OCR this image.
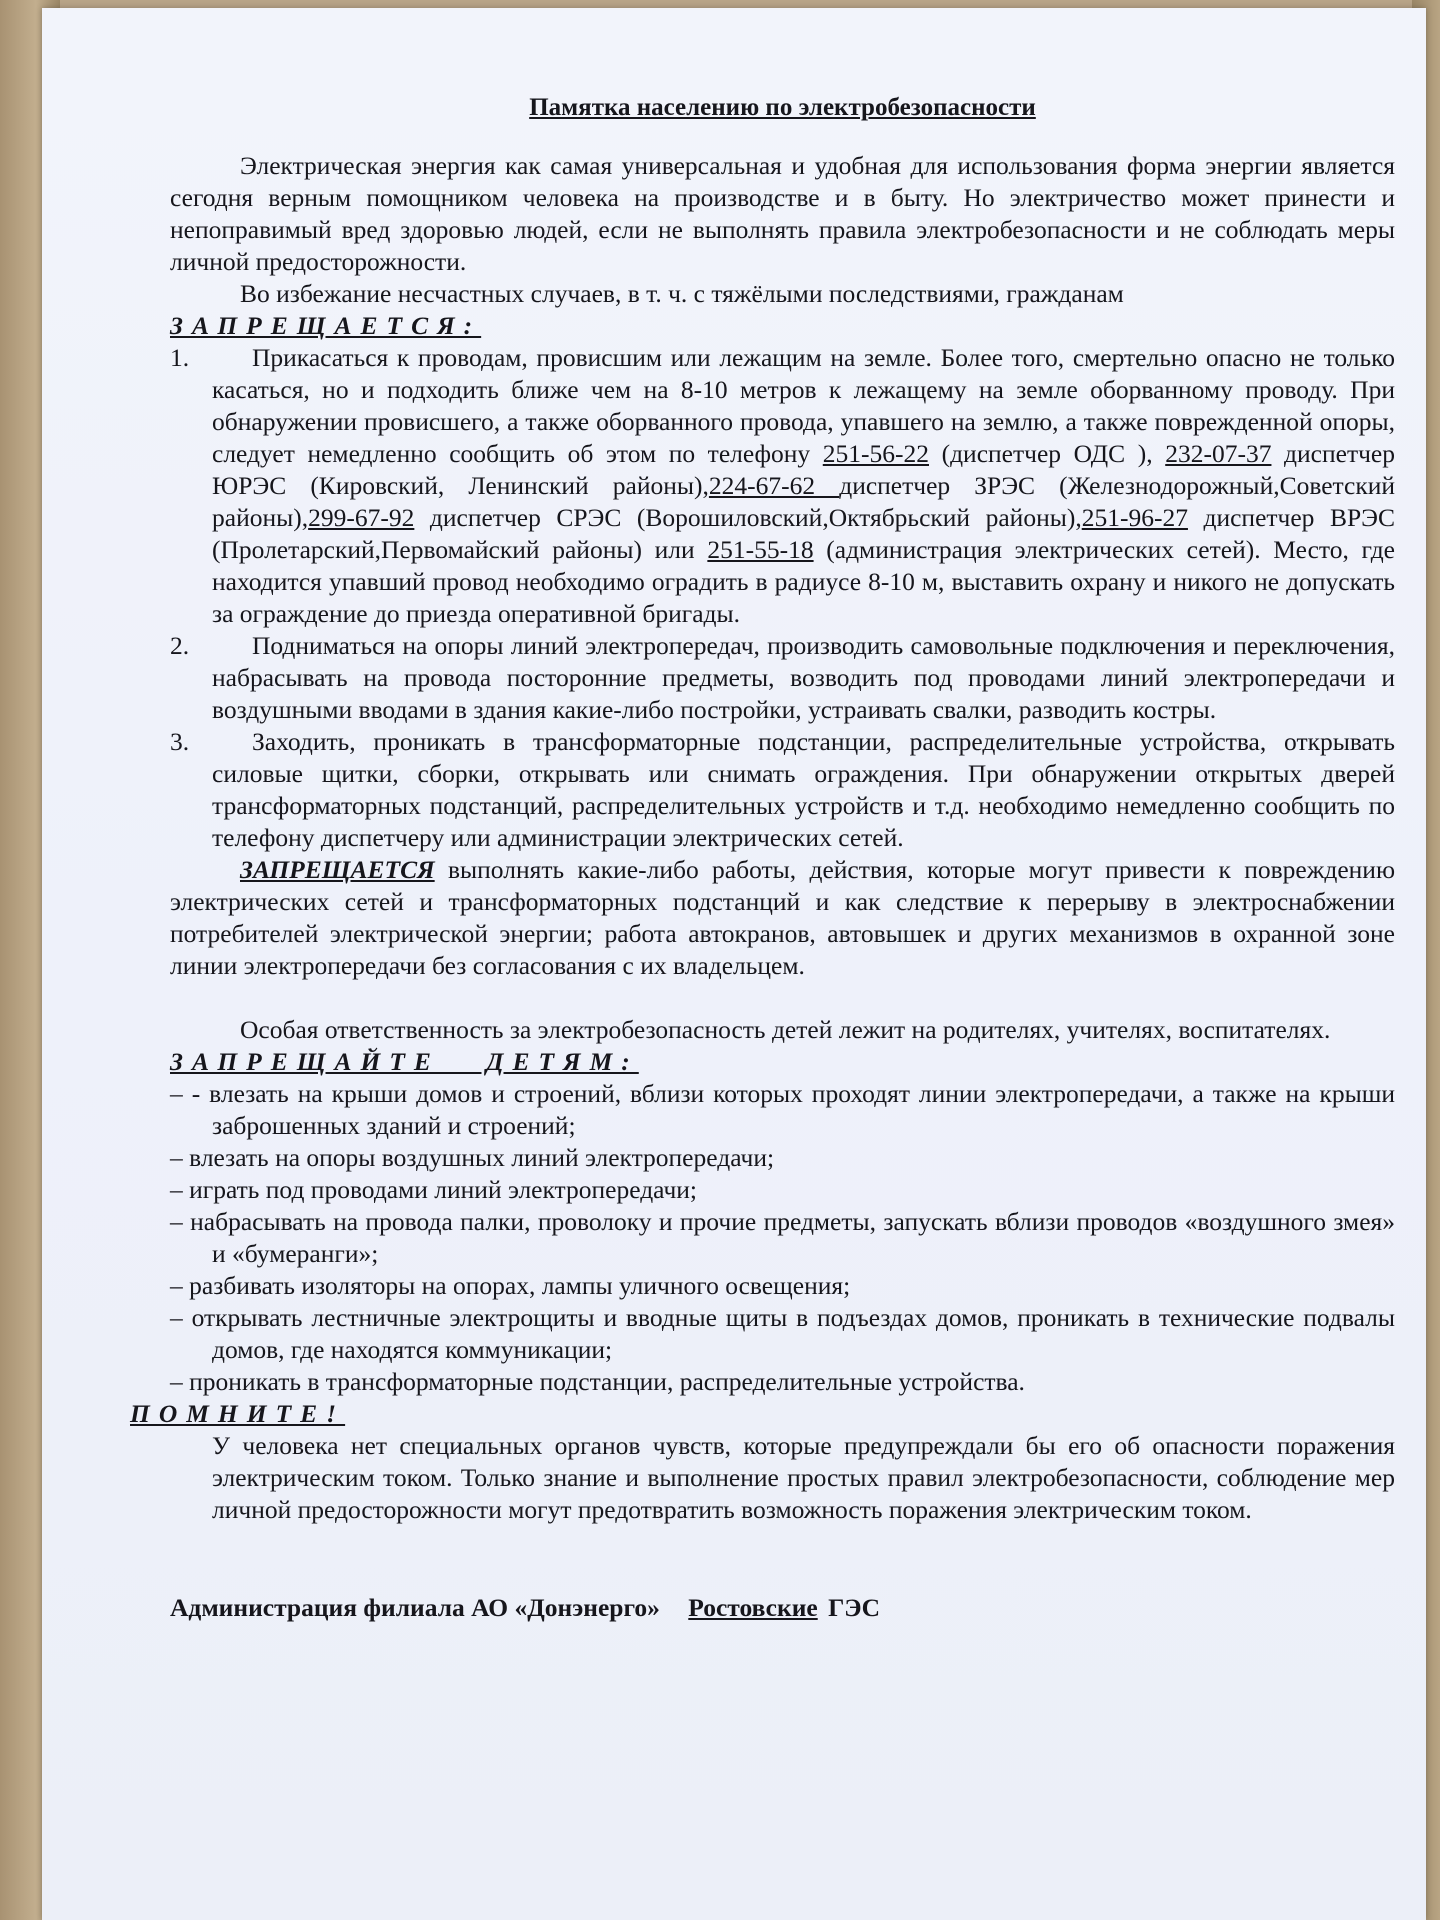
Памятка населению по электробезопасности

Электрическая энергия как самая универсальная и удобная для использования форма энергии является сегодня верным помощником человека на производстве и в быту. Но электричество может принести и непоправимый вред здоровью людей, если не выполнять правила электробезопасности и не соблюдать меры личной предосторожности.

Во избежание несчастных случаев, в т. ч. с тяжёлыми последствиями, гражданам

ЗАПРЕЩАЕТСЯ:
1.	Прикасаться к проводам, провисшим или лежащим на земле. Более того, смертельно опасно не только касаться, но и подходить ближе чем на 8-10 метров к лежащему на земле оборванному проводу. При обнаружении провисшего, а также оборванного провода, упавшего на землю, а также поврежденной опоры, следует немедленно сообщить об этом по телефону 251-56-22 (диспетчер ОДС ), 232-07-37 диспетчер ЮРЭС (Кировский, Ленинский районы),224-67-62 диспетчер ЗРЭС (Железнодорожный,Советский районы),299-67-92 диспетчер СРЭС (Ворошиловский,Октябрьский районы),251-96-27 диспетчер ВРЭС (Пролетарский,Первомайский районы) или 251-55-18 (администрация электрических сетей). Место, где находится упавший провод необходимо оградить в радиусе 8-10 м, выставить охрану и никого не допускать за ограждение до приезда оперативной бригады.
2.	Подниматься на опоры линий электропередач, производить самовольные подключения и переключения, набрасывать на провода посторонние предметы, возводить под проводами линий электропередачи и воздушными вводами в здания какие-либо постройки, устраивать свалки, разводить костры.
3.	Заходить, проникать в трансформаторные подстанции, распределительные устройства, открывать силовые щитки, сборки, открывать или снимать ограждения. При обнаружении открытых дверей трансформаторных подстанций, распределительных устройств и т.д. необходимо немедленно сообщить по телефону диспетчеру или администрации электрических сетей.

ЗАПРЕЩАЕТСЯ выполнять какие-либо работы, действия, которые могут привести к повреждению электрических сетей и трансформаторных подстанций и как следствие к перерыву в электроснабжении потребителей электрической энергии; работа автокранов, автовышек и других механизмов в охранной зоне линии электропередачи без согласования с их владельцем.

Особая ответственность за электробезопасность детей лежит на родителях, учителях, воспитателях.

ЗАПРЕЩАЙТЕ   ДЕТЯМ:
– - влезать на крыши домов и строений, вблизи которых проходят линии электропередачи, а также на крыши заброшенных зданий и строений;
– влезать на опоры воздушных линий электропередачи;
– играть под проводами линий электропередачи;
– набрасывать на провода палки, проволоку и прочие предметы, запускать вблизи проводов «воздушного змея» и «бумеранги»;
– разбивать изоляторы на опорах, лампы уличного освещения;
– открывать лестничные электрощиты и вводные щиты в подъездах домов, проникать в технические подвалы домов, где находятся коммуникации;
– проникать в трансформаторные подстанции, распределительные устройства.
ПОМНИТЕ!

У человека нет специальных органов чувств, которые предупреждали бы его об опасности поражения электрическим током. Только знание и выполнение простых правил электробезопасности, соблюдение мер личной предосторожности могут предотвратить возможность поражения электрическим током.

Администрация филиала АО «Донэнерго» Ростовские ГЭС
